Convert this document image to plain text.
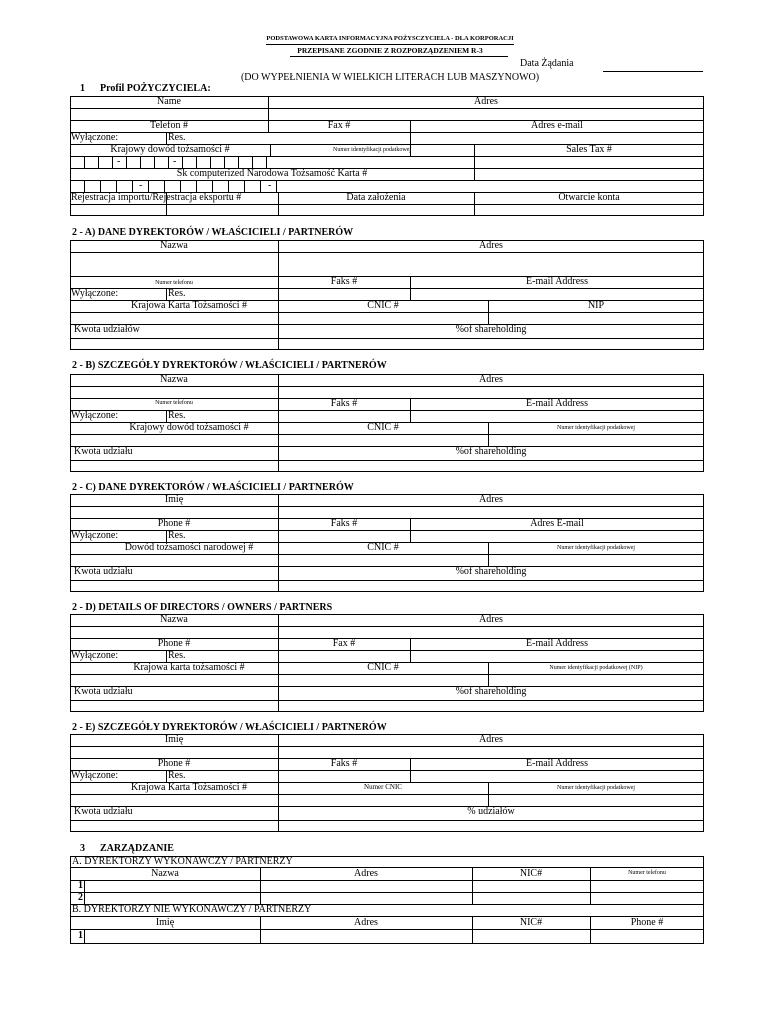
PODSTAWOWA KARTA INFORMACYJNA POŻYSCZYCIELA - DLA KORPORACJI
PRZEPISANE ZGODNIE Z ROZPORZĄDZENIEM R-3
Data Żądania
(DO WYPEŁNIENIA W WIELKICH LITERACH LUB MASZYNOWO)
1 Profil POŻYCZYCIELA:
Name	Adres
Telefon #	Fax #	Adres e-mail
Wyłączone:	Res.
Krajowy dowód tożsamości #	Numer identyfikacji podatkowej	Sales Tax #
-	-
Sk computerized Narodowa Tożsamość Karta #
-	-
Rejestracja importu/Rejestracja eksportu #	Data założenia	Otwarcie konta
2 - A) DANE DYREKTORÓW / WŁAŚCICIELI / PARTNERÓW
Nazwa	Adres
Numer telefonu	Faks #	E-mail Address
Wyłączone:	Res.
Krajowa Karta Tożsamości #	CNIC #	NIP
Kwota udziałów	%of shareholding
2 - B) SZCZEGÓŁY DYREKTORÓW / WŁAŚCICIELI / PARTNERÓW
Nazwa	Adres
Numer telefonu	Faks #	E-mail Address
Wyłączone:	Res.
Krajowy dowód tożsamości #	CNIC #	Numer identyfikacji podatkowej
Kwota udziału	%of shareholding
2 - C) DANE DYREKTORÓW / WŁAŚCICIELI / PARTNERÓW
Imię	Adres
Phone #	Faks #	Adres E-mail
Wyłączone:	Res.
Dowód tożsamości narodowej #	CNIC #	Numer identyfikacji podatkowej
Kwota udziału	%of shareholding
2 - D) DETAILS OF DIRECTORS / OWNERS / PARTNERS
Nazwa	Adres
Phone #	Fax #	E-mail Address
Wyłączone:	Res.
Krajowa karta tożsamości #	CNIC #	Numer identyfikacji podatkowej (NIP)
Kwota udziału	%of shareholding
2 - E) SZCZEGÓŁY DYREKTORÓW / WŁAŚCICIELI / PARTNERÓW
Imię	Adres
Phone #	Faks #	E-mail Address
Wyłączone:	Res.
Krajowa Karta Tożsamości #	Numer CNIC	Numer identyfikacji podatkowej
Kwota udziału	% udziałów
3 ZARZĄDZANIE
A. DYREKTORZY WYKONAWCZY / PARTNERZY
Nazwa	Adres	NIC#	Numer telefonu
1
2
B. DYREKTORZY NIE WYKONAWCZY / PARTNERZY
Imię	Adres	NIC#	Phone #
1
